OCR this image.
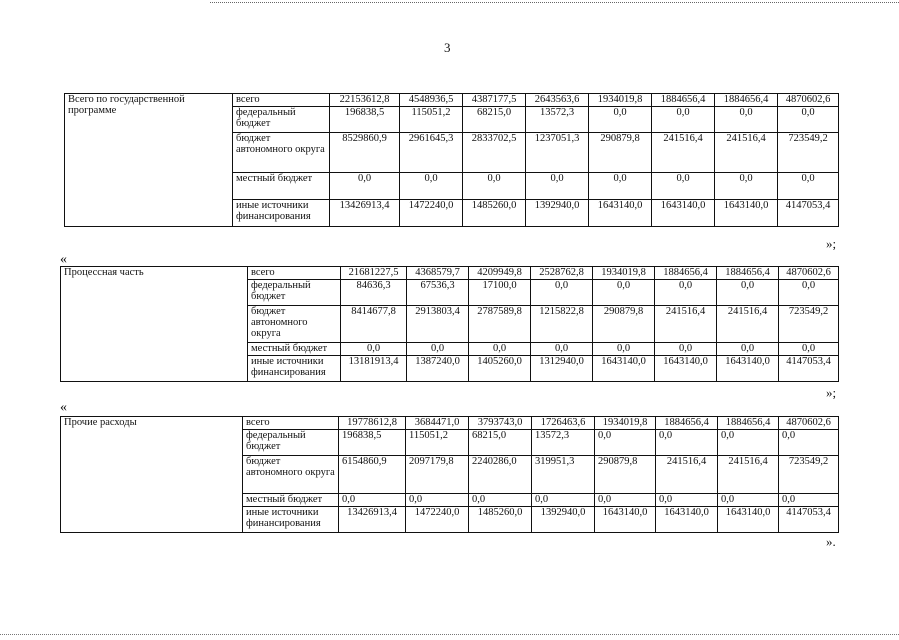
3
Всего по государственной программе	всего	22153612,8	4548936,5	4387177,5	2643563,6	1934019,8	1884656,4	1884656,4	4870602,6
	федеральный бюджет	196838,5	115051,2	68215,0	13572,3	0,0	0,0	0,0	0,0
	бюджет автономного округа	8529860,9	2961645,3	2833702,5	1237051,3	290879,8	241516,4	241516,4	723549,2
	местный бюджет	0,0	0,0	0,0	0,0	0,0	0,0	0,0	0,0
	иные источники финансирования	13426913,4	1472240,0	1485260,0	1392940,0	1643140,0	1643140,0	1643140,0	4147053,4
»;
«
Процессная часть	всего	21681227,5	4368579,7	4209949,8	2528762,8	1934019,8	1884656,4	1884656,4	4870602,6
	федеральный бюджет	84636,3	67536,3	17100,0	0,0	0,0	0,0	0,0	0,0
	бюджет автономного округа	8414677,8	2913803,4	2787589,8	1215822,8	290879,8	241516,4	241516,4	723549,2
	местный бюджет	0,0	0,0	0,0	0,0	0,0	0,0	0,0	0,0
	иные источники финансирования	13181913,4	1387240,0	1405260,0	1312940,0	1643140,0	1643140,0	1643140,0	4147053,4
»;
«
Прочие расходы	всего	19778612,8	3684471,0	3793743,0	1726463,6	1934019,8	1884656,4	1884656,4	4870602,6
	федеральный бюджет	196838,5	115051,2	68215,0	13572,3	0,0	0,0	0,0	0,0
	бюджет автономного округа	6154860,9	2097179,8	2240286,0	319951,3	290879,8	241516,4	241516,4	723549,2
	местный бюджет	0,0	0,0	0,0	0,0	0,0	0,0	0,0	0,0
	иные источники финансирования	13426913,4	1472240,0	1485260,0	1392940,0	1643140,0	1643140,0	1643140,0	4147053,4
».
